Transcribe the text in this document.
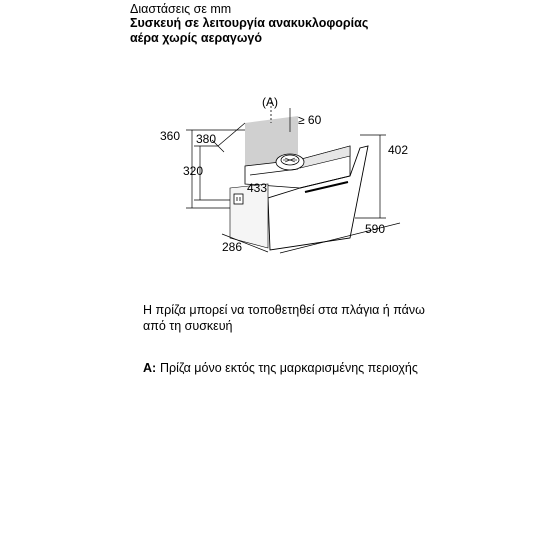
Διαστάσεις σε mm
Συσκευή σε λειτουργία ανακυκλοφορίας
αέρα χωρίς αεραγωγό
(A)
≥ 60
360 380
402
320
433
590
286
Η πρίζα μπορεί να τοποθετηθεί στα πλάγια ή πάνω από τη συσκευή
A: Πρίζα μόνο εκτός της μαρκαρισμένης περιοχής
